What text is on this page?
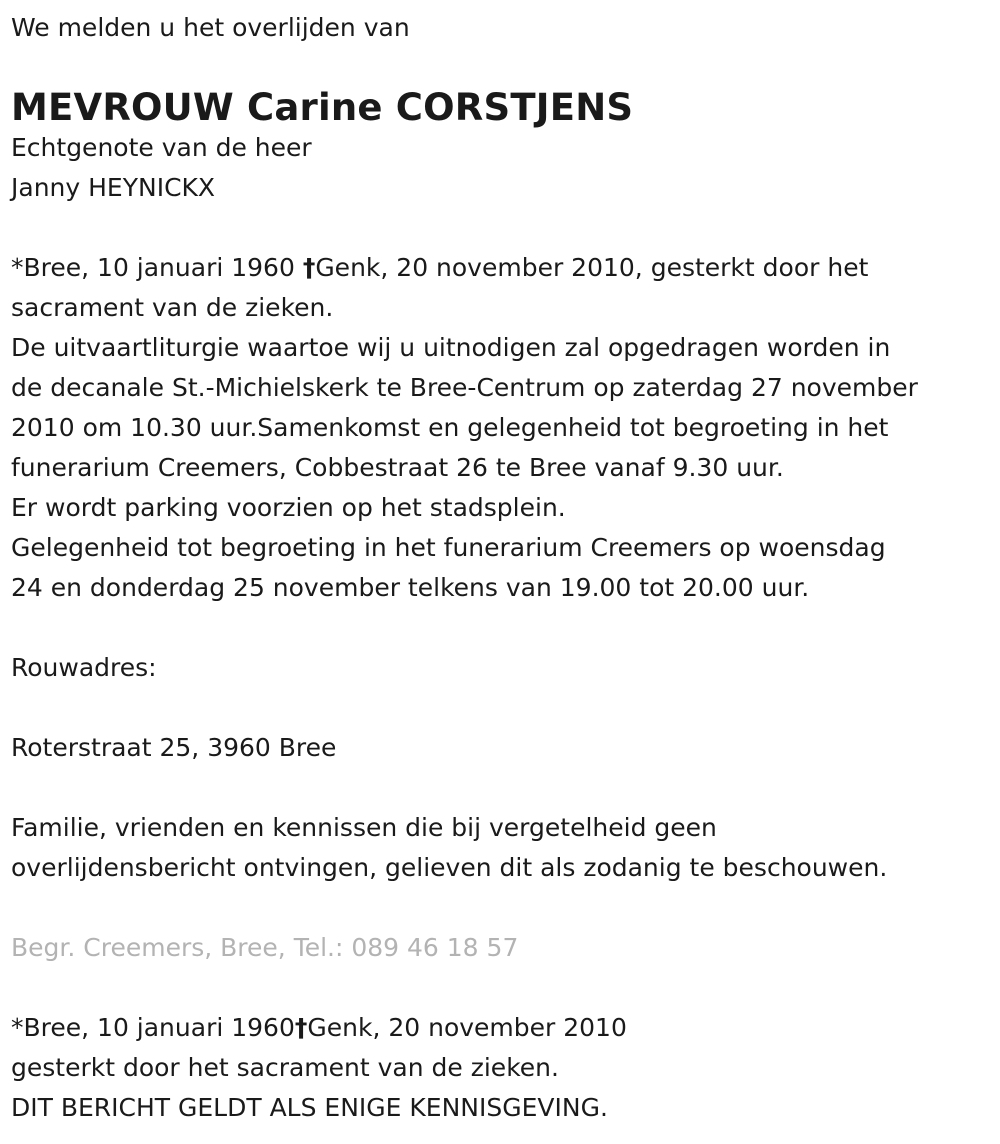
We melden u het overlijden van
MEVROUW Carine CORSTJENS
Echtgenote van de heer
Janny HEYNICKX
*Bree, 10 januari 1960 †Genk, 20 november 2010, gesterkt door het
sacrament van de zieken.
De uitvaartliturgie waartoe wij u uitnodigen zal opgedragen worden in
de decanale St.-Michielskerk te Bree-Centrum op zaterdag 27 november
2010 om 10.30 uur.Samenkomst en gelegenheid tot begroeting in het
funerarium Creemers, Cobbestraat 26 te Bree vanaf 9.30 uur.
Er wordt parking voorzien op het stadsplein.
Gelegenheid tot begroeting in het funerarium Creemers op woensdag
24 en donderdag 25 november telkens van 19.00 tot 20.00 uur.
Rouwadres:
Roterstraat 25, 3960 Bree
Familie, vrienden en kennissen die bij vergetelheid geen
overlijdensbericht ontvingen, gelieven dit als zodanig te beschouwen.
Begr. Creemers, Bree, Tel.: 089 46 18 57
*Bree, 10 januari 1960†Genk, 20 november 2010
gesterkt door het sacrament van de zieken.
DIT BERICHT GELDT ALS ENIGE KENNISGEVING.
